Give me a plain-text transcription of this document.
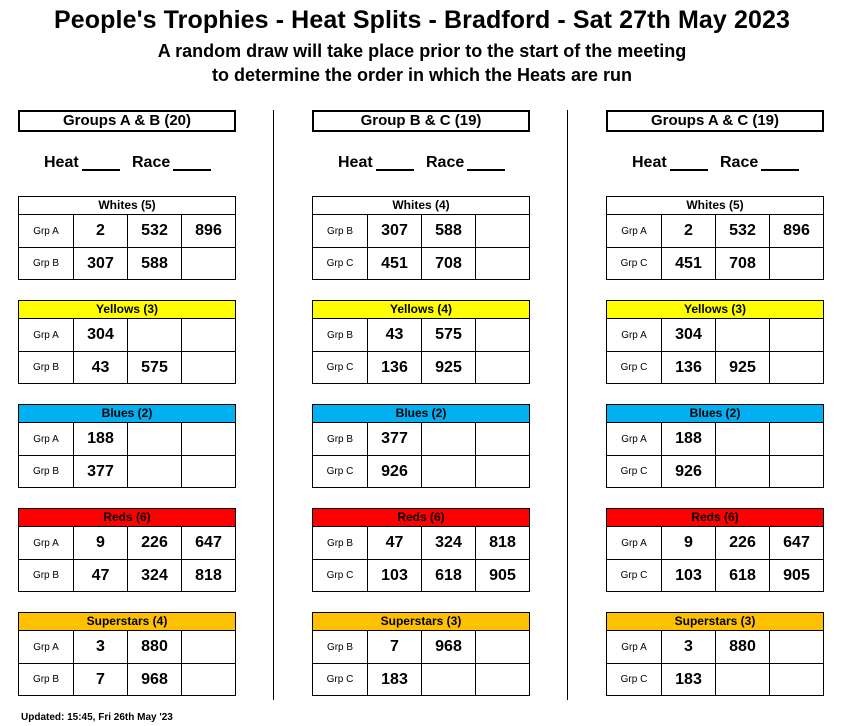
People's Trophies - Heat Splits - Bradford - Sat 27th May 2023
A random draw will take place prior to the start of the meeting
to determine the order in which the Heats are run
Groups A & B (20)
Heat	Race
Whites (5)
Grp A	2	532	896
Grp B	307	588
Yellows (3)
Grp A	304
Grp B	43	575
Blues (2)
Grp A	188
Grp B	377
Reds (6)
Grp A	9	226	647
Grp B	47	324	818
Superstars (4)
Grp A	3	880
Grp B	7	968
Group B & C (19)
Heat	Race
Whites (4)
Grp B	307	588
Grp C	451	708
Yellows (4)
Grp B	43	575
Grp C	136	925
Blues (2)
Grp B	377
Grp C	926
Reds (6)
Grp B	47	324	818
Grp C	103	618	905
Superstars (3)
Grp B	7	968
Grp C	183
Groups A & C (19)
Heat	Race
Whites (5)
Grp A	2	532	896
Grp C	451	708
Yellows (3)
Grp A	304
Grp C	136	925
Blues (2)
Grp A	188
Grp C	926
Reds (6)
Grp A	9	226	647
Grp C	103	618	905
Superstars (3)
Grp A	3	880
Grp C	183
Updated: 15:45, Fri 26th May '23
